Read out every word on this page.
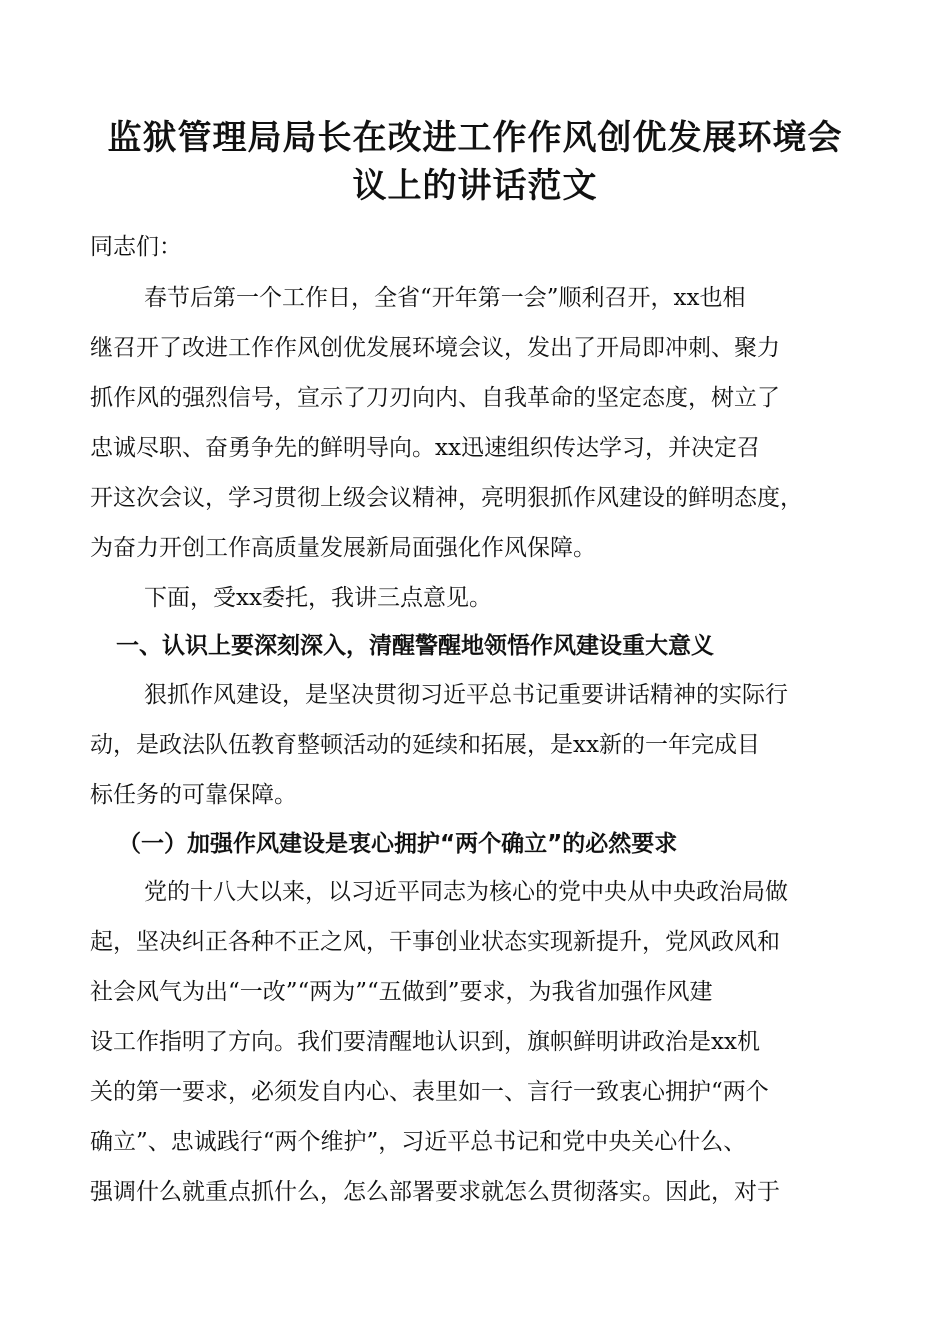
监狱管理局局长在改进工作作风创优发展环境会
议上的讲话范文
同志们：
春节后第一个工作日，全省“开年第一会”顺利召开，xx也相
继召开了改进工作作风创优发展环境会议，发出了开局即冲刺、聚力
抓作风的强烈信号，宣示了刀刃向内、自我革命的坚定态度，树立了
忠诚尽职、奋勇争先的鲜明导向。xx迅速组织传达学习，并决定召
开这次会议，学习贯彻上级会议精神，亮明狠抓作风建设的鲜明态度，
为奋力开创工作高质量发展新局面强化作风保障。
下面，受xx委托，我讲三点意见。
一、认识上要深刻深入，清醒警醒地领悟作风建设重大意义
狠抓作风建设，是坚决贯彻习近平总书记重要讲话精神的实际行
动，是政法队伍教育整顿活动的延续和拓展，是xx新的一年完成目
标任务的可靠保障。
（一）加强作风建设是衷心拥护“两个确立”的必然要求
党的十八大以来，以习近平同志为核心的党中央从中央政治局做
起，坚决纠正各种不正之风，干事创业状态实现新提升，党风政风和
社会风气为出“一改”“两为”“五做到”要求，为我省加强作风建
设工作指明了方向。我们要清醒地认识到，旗帜鲜明讲政治是xx机
关的第一要求，必须发自内心、表里如一、言行一致衷心拥护“两个
确立”、忠诚践行“两个维护”，习近平总书记和党中央关心什么、
强调什么就重点抓什么，怎么部署要求就怎么贯彻落实。因此，对于
